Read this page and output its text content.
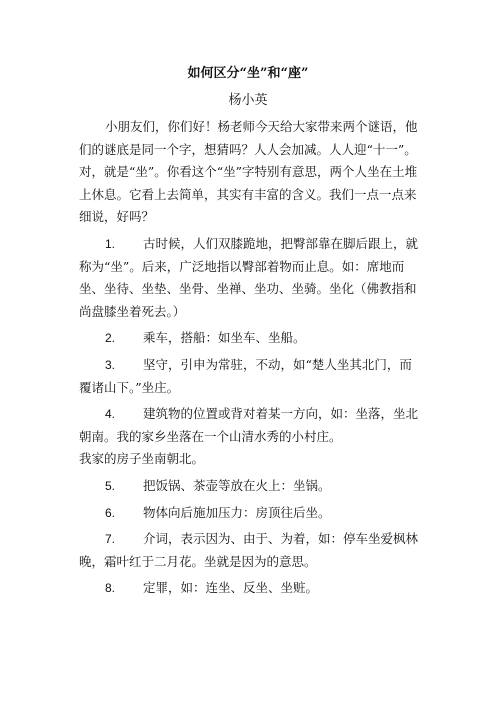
如何区分“坐”和“座”
杨小英

小朋友们，你们好！杨老师今天给大家带来两个谜语，他们的谜底是同一个字，想猜吗？人人会加减。人人迎“十一”。对，就是“坐”。你看这个“坐”字特别有意思，两个人坐在土堆上休息。它看上去简单，其实有丰富的含义。我们一点一点来细说，好吗？

1. 古时候，人们双膝跪地，把臀部靠在脚后跟上，就称为“坐”。后来，广泛地指以臀部着物而止息。如：席地而坐、坐待、坐垫、坐骨、坐禅、坐功、坐骑。坐化（佛教指和尚盘膝坐着死去。）

2. 乘车，搭船：如坐车、坐船。

3. 坚守，引申为常驻，不动，如“楚人坐其北门，而覆诸山下。”坐庄。

4. 建筑物的位置或背对着某一方向，如：坐落，坐北朝南。我的家乡坐落在一个山清水秀的小村庄。

我家的房子坐南朝北。

5. 把饭锅、茶壶等放在火上：坐锅。

6. 物体向后施加压力：房顶往后坐。

7. 介词，表示因为、由于、为着，如：停车坐爱枫林晚，霜叶红于二月花。坐就是因为的意思。

8. 定罪，如：连坐、反坐、坐赃。
